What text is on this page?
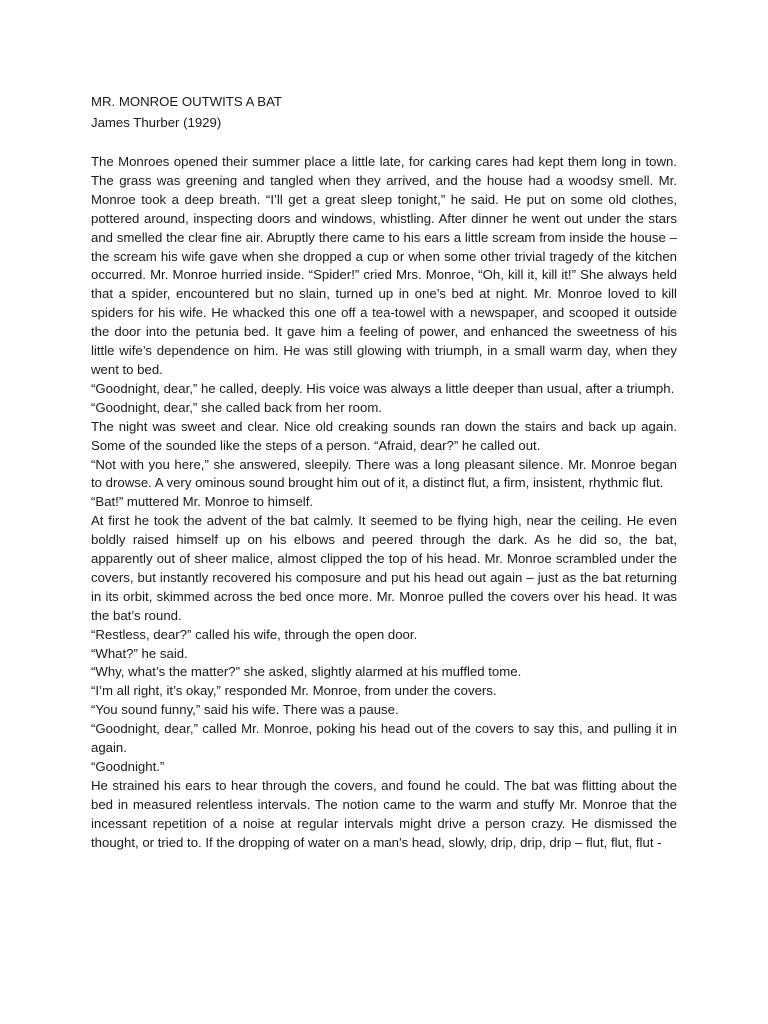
MR. MONROE OUTWITS A BAT
James Thurber (1929)

The Monroes opened their summer place a little late, for carking cares had kept them long in town. The grass was greening and tangled when they arrived, and the house had a woodsy smell. Mr. Monroe took a deep breath. “I’ll get a great sleep tonight,” he said. He put on some old clothes, pottered around, inspecting doors and windows, whistling. After dinner he went out under the stars and smelled the clear fine air. Abruptly there came to his ears a little scream from inside the house – the scream his wife gave when she dropped a cup or when some other trivial tragedy of the kitchen occurred. Mr. Monroe hurried inside. “Spider!” cried Mrs. Monroe, “Oh, kill it, kill it!” She always held that a spider, encountered but no slain, turned up in one’s bed at night. Mr. Monroe loved to kill spiders for his wife. He whacked this one off a tea-towel with a newspaper, and scooped it outside the door into the petunia bed. It gave him a feeling of power, and enhanced the sweetness of his little wife’s dependence on him. He was still glowing with triumph, in a small warm day, when they went to bed.

“Goodnight, dear,” he called, deeply. His voice was always a little deeper than usual, after a triumph.

“Goodnight, dear,” she called back from her room.

The night was sweet and clear. Nice old creaking sounds ran down the stairs and back up again. Some of the sounded like the steps of a person. “Afraid, dear?” he called out.

“Not with you here,” she answered, sleepily. There was a long pleasant silence. Mr. Monroe began to drowse. A very ominous sound brought him out of it, a distinct flut, a firm, insistent, rhythmic flut.

“Bat!” muttered Mr. Monroe to himself.

At first he took the advent of the bat calmly. It seemed to be flying high, near the ceiling. He even boldly raised himself up on his elbows and peered through the dark. As he did so, the bat, apparently out of sheer malice, almost clipped the top of his head. Mr. Monroe scrambled under the covers, but instantly recovered his composure and put his head out again – just as the bat returning in its orbit, skimmed across the bed once more. Mr. Monroe pulled the covers over his head. It was the bat’s round.

“Restless, dear?” called his wife, through the open door.

“What?” he said.

“Why, what’s the matter?” she asked, slightly alarmed at his muffled tome.

“I’m all right, it’s okay,” responded Mr. Monroe, from under the covers.

“You sound funny,” said his wife. There was a pause.

“Goodnight, dear,” called Mr. Monroe, poking his head out of the covers to say this, and pulling it in again.

“Goodnight.”

He strained his ears to hear through the covers, and found he could. The bat was flitting about the bed in measured relentless intervals. The notion came to the warm and stuffy Mr. Monroe that the incessant repetition of a noise at regular intervals might drive a person crazy. He dismissed the thought, or tried to. If the dropping of water on a man’s head, slowly, drip, drip, drip – flut, flut, flut -
